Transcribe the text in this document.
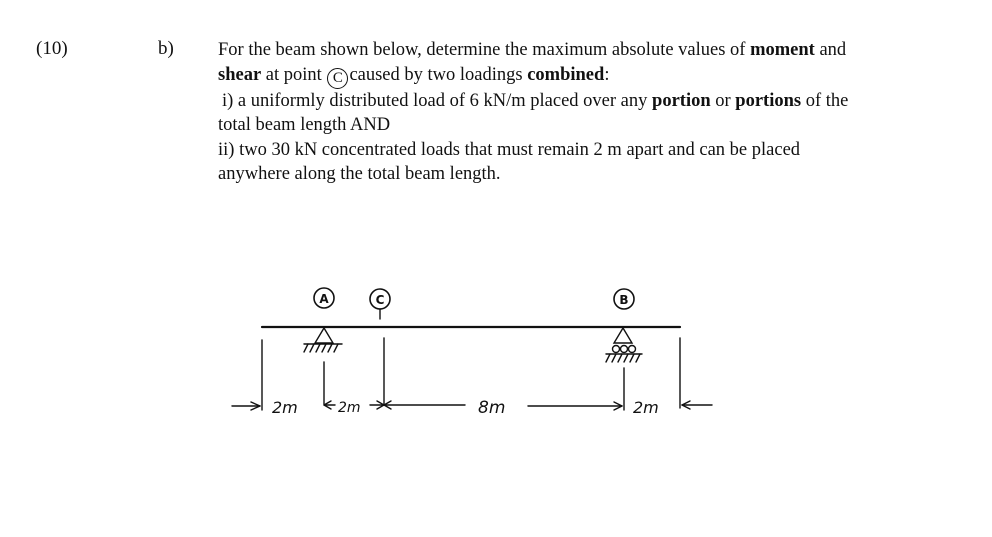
(10)	b) For the beam shown below, determine the maximum absolute values of moment and
shear at point C caused by two loadings combined:
i) a uniformly distributed load of 6 kN/m placed over any portion or portions of the
total beam length AND
ii) two 30 kN concentrated loads that must remain 2 m apart and can be placed
anywhere along the total beam length.
A	C	B
2m	2m	8m	2m
